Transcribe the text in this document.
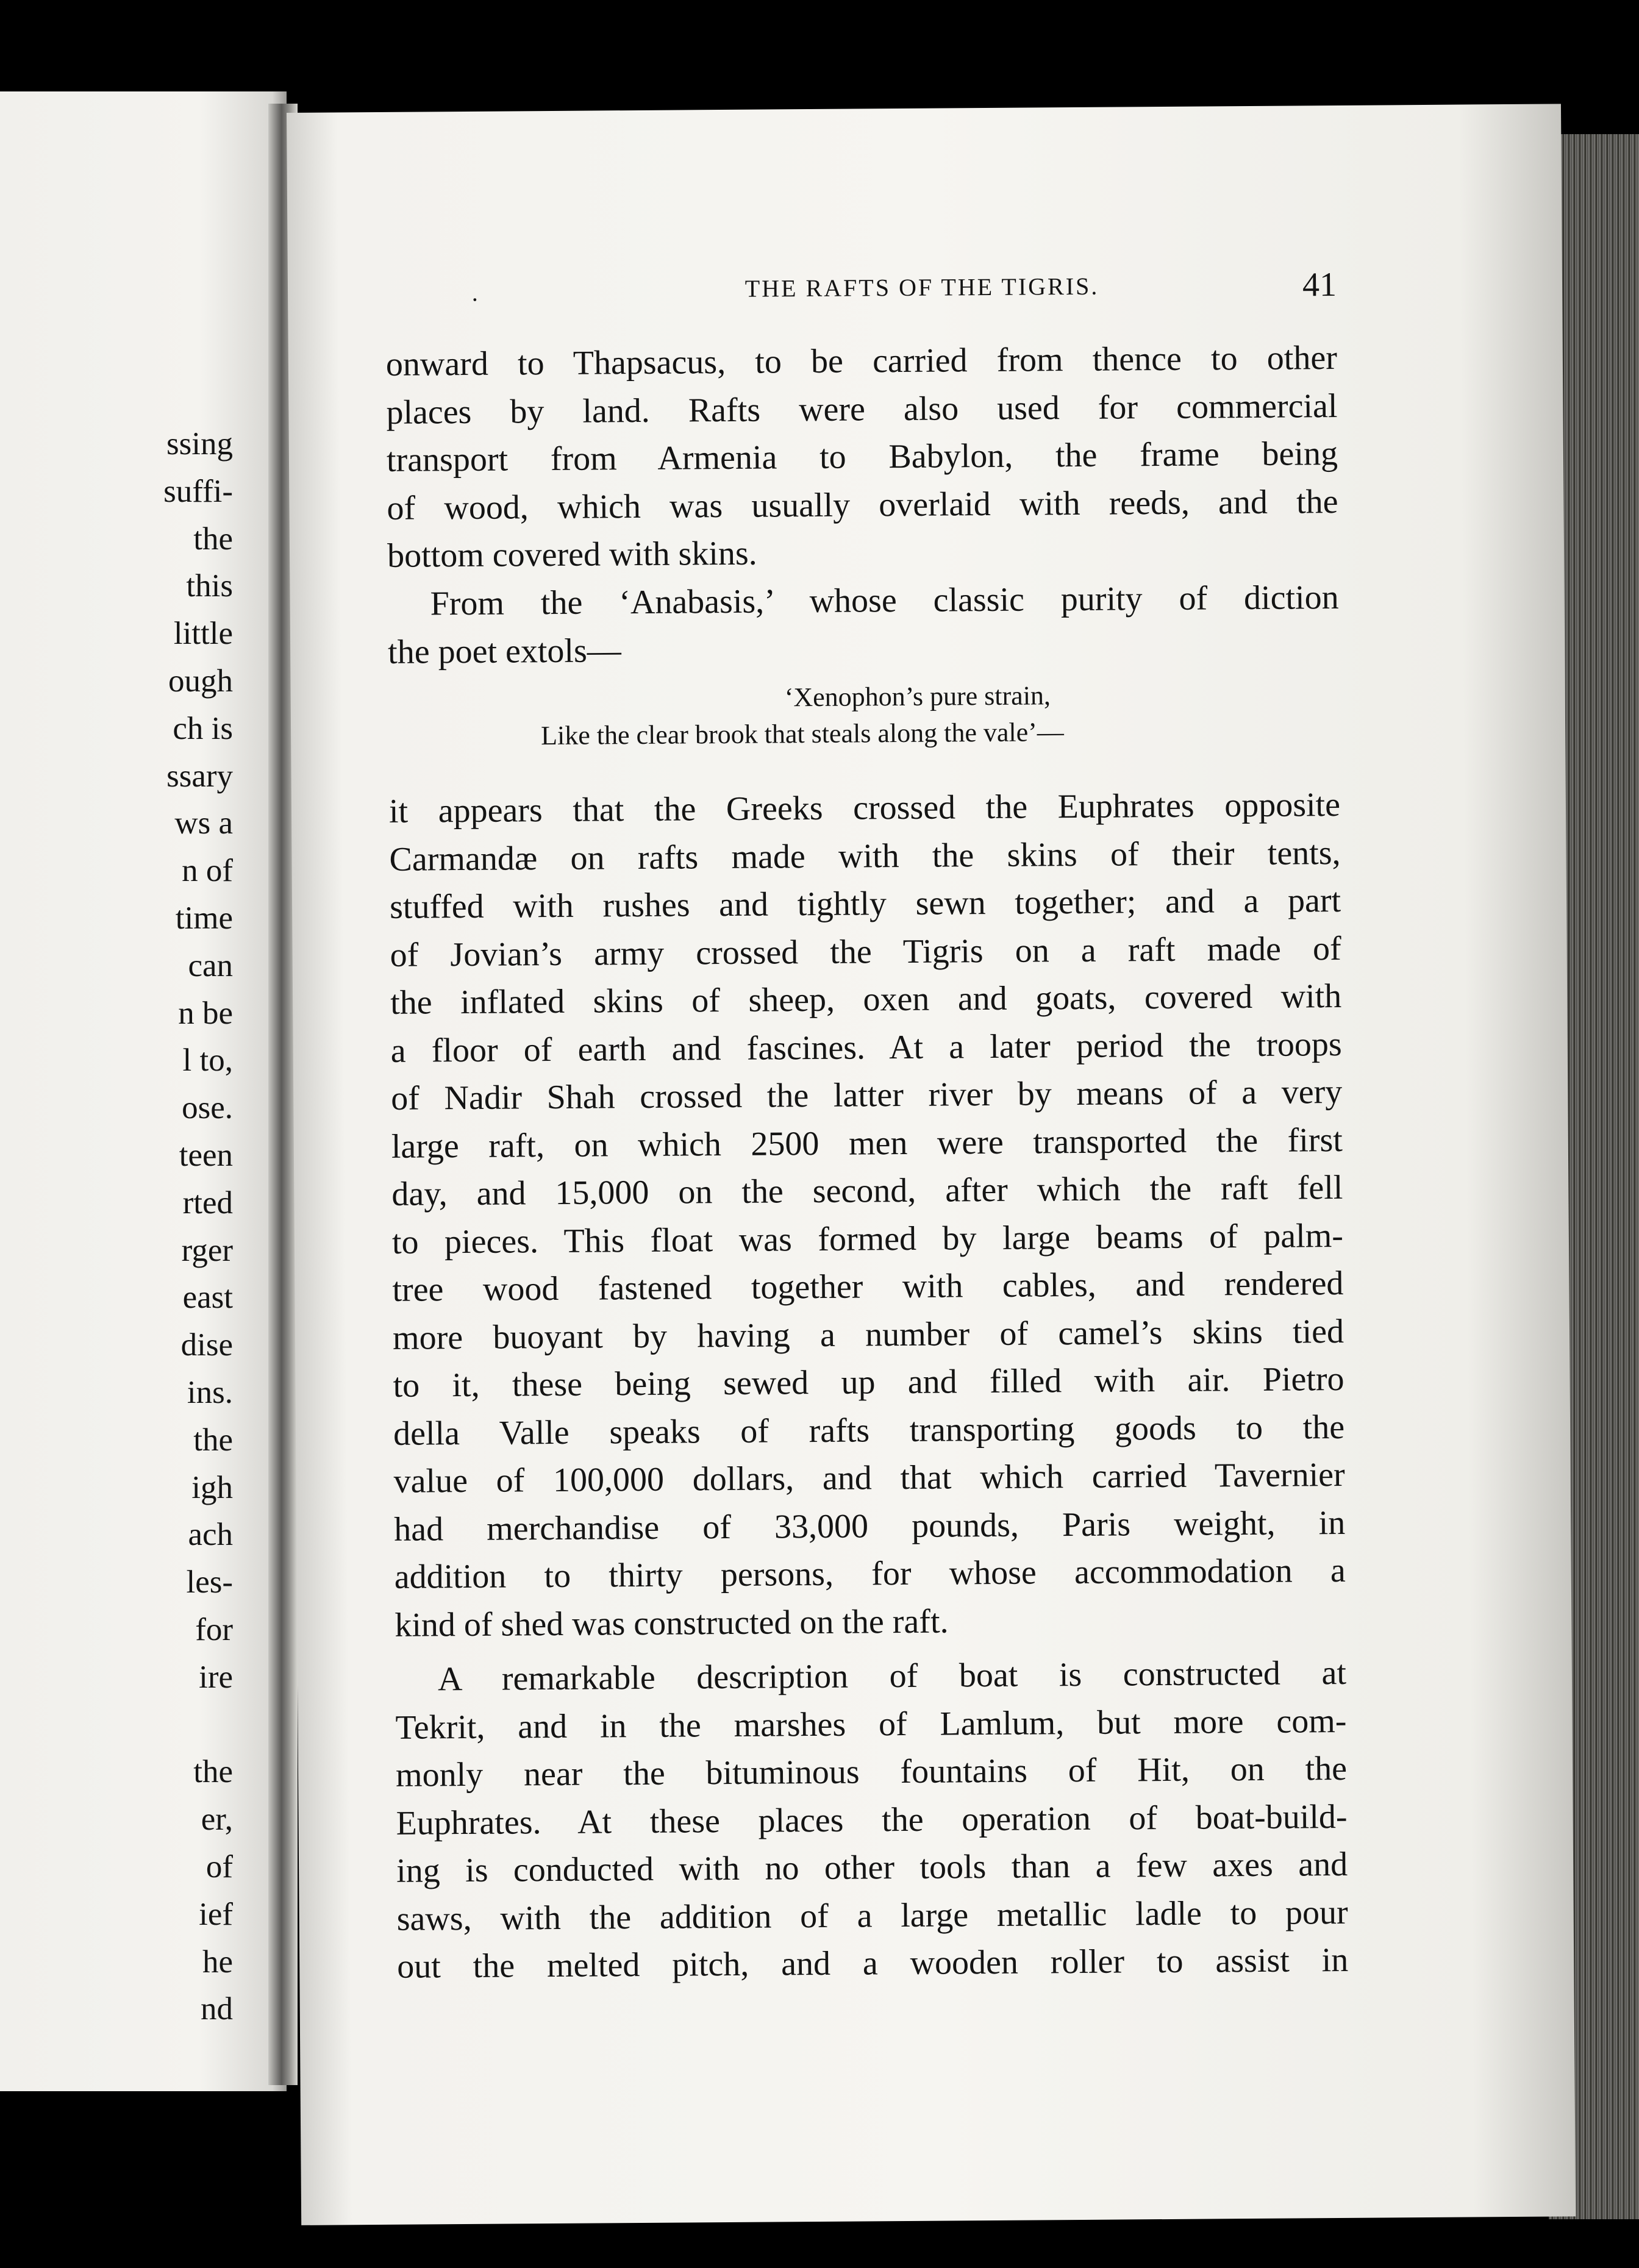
ssing
suffi-
the
this
little
ough
ch is
ssary
ws a
n of
time
can
n be
l to,
ose.
teen
rted
rger
east
dise
ins.
the
igh
ach
les-
for
ire
the
er,
of
ief
he
nd
·	THE RAFTS OF THE TIGRIS.	41
onward to Thapsacus, to be carried from thence to other
places by land. Rafts were also used for commercial
transport from Armenia to Babylon, the frame being
of wood, which was usually overlaid with reeds, and the
bottom covered with skins.
From the ‘Anabasis,’ whose classic purity of diction
the poet extols—
‘Xenophon’s pure strain,
Like the clear brook that steals along the vale’—
it appears that the Greeks crossed the Euphrates opposite
Carmandæ on rafts made with the skins of their tents,
stuffed with rushes and tightly sewn together; and a part
of Jovian’s army crossed the Tigris on a raft made of
the inflated skins of sheep, oxen and goats, covered with
a floor of earth and fascines. At a later period the troops
of Nadir Shah crossed the latter river by means of a very
large raft, on which 2500 men were transported the first
day, and 15,000 on the second, after which the raft fell
to pieces. This float was formed by large beams of palm-
tree wood fastened together with cables, and rendered
more buoyant by having a number of camel’s skins tied
to it, these being sewed up and filled with air. Pietro
della Valle speaks of rafts transporting goods to the
value of 100,000 dollars, and that which carried Tavernier
had merchandise of 33,000 pounds, Paris weight, in
addition to thirty persons, for whose accommodation a
kind of shed was constructed on the raft.
A remarkable description of boat is constructed at
Tekrit, and in the marshes of Lamlum, but more com-
monly near the bituminous fountains of Hit, on the
Euphrates. At these places the operation of boat-build-
ing is conducted with no other tools than a few axes and
saws, with the addition of a large metallic ladle to pour
out the melted pitch, and a wooden roller to assist in
